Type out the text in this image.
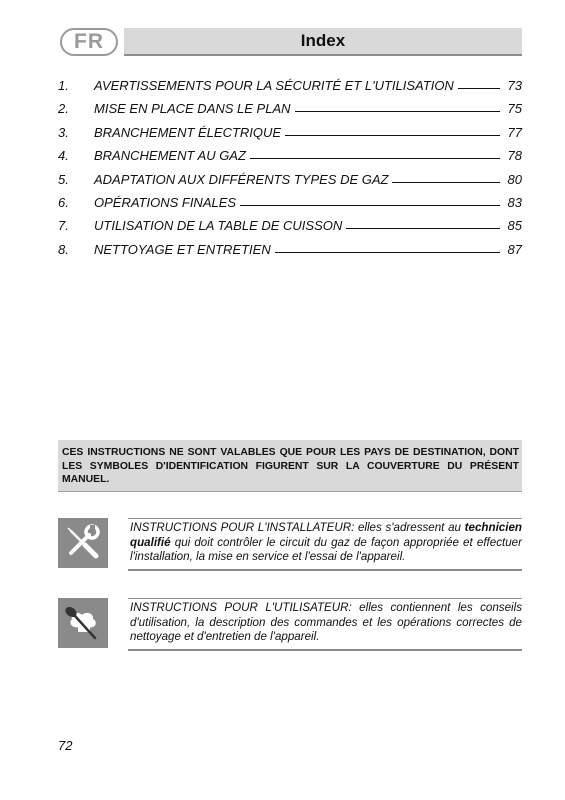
FR	Index
1.	AVERTISSEMENTS POUR LA SÉCURITÉ ET L'UTILISATION	73
2.	MISE EN PLACE DANS LE PLAN	75
3.	BRANCHEMENT ÉLECTRIQUE	77
4.	BRANCHEMENT AU GAZ	78
5.	ADAPTATION AUX DIFFÉRENTS TYPES DE GAZ	80
6.	OPÉRATIONS FINALES	83
7.	UTILISATION DE LA TABLE DE CUISSON	85
8.	NETTOYAGE ET ENTRETIEN	87
CES INSTRUCTIONS NE SONT VALABLES QUE POUR LES PAYS DE DESTINATION, DONT LES SYMBOLES D'IDENTIFICATION FIGURENT SUR LA COUVERTURE DU PRÉSENT MANUEL.
INSTRUCTIONS POUR L'INSTALLATEUR: elles s'adressent au technicien qualifié qui doit contrôler le circuit du gaz de façon appropriée et effectuer l'installation, la mise en service et l'essai de l'appareil.
INSTRUCTIONS POUR L'UTILISATEUR: elles contiennent les conseils d'utilisation, la description des commandes et les opérations correctes de nettoyage et d'entretien de l'appareil.
72
